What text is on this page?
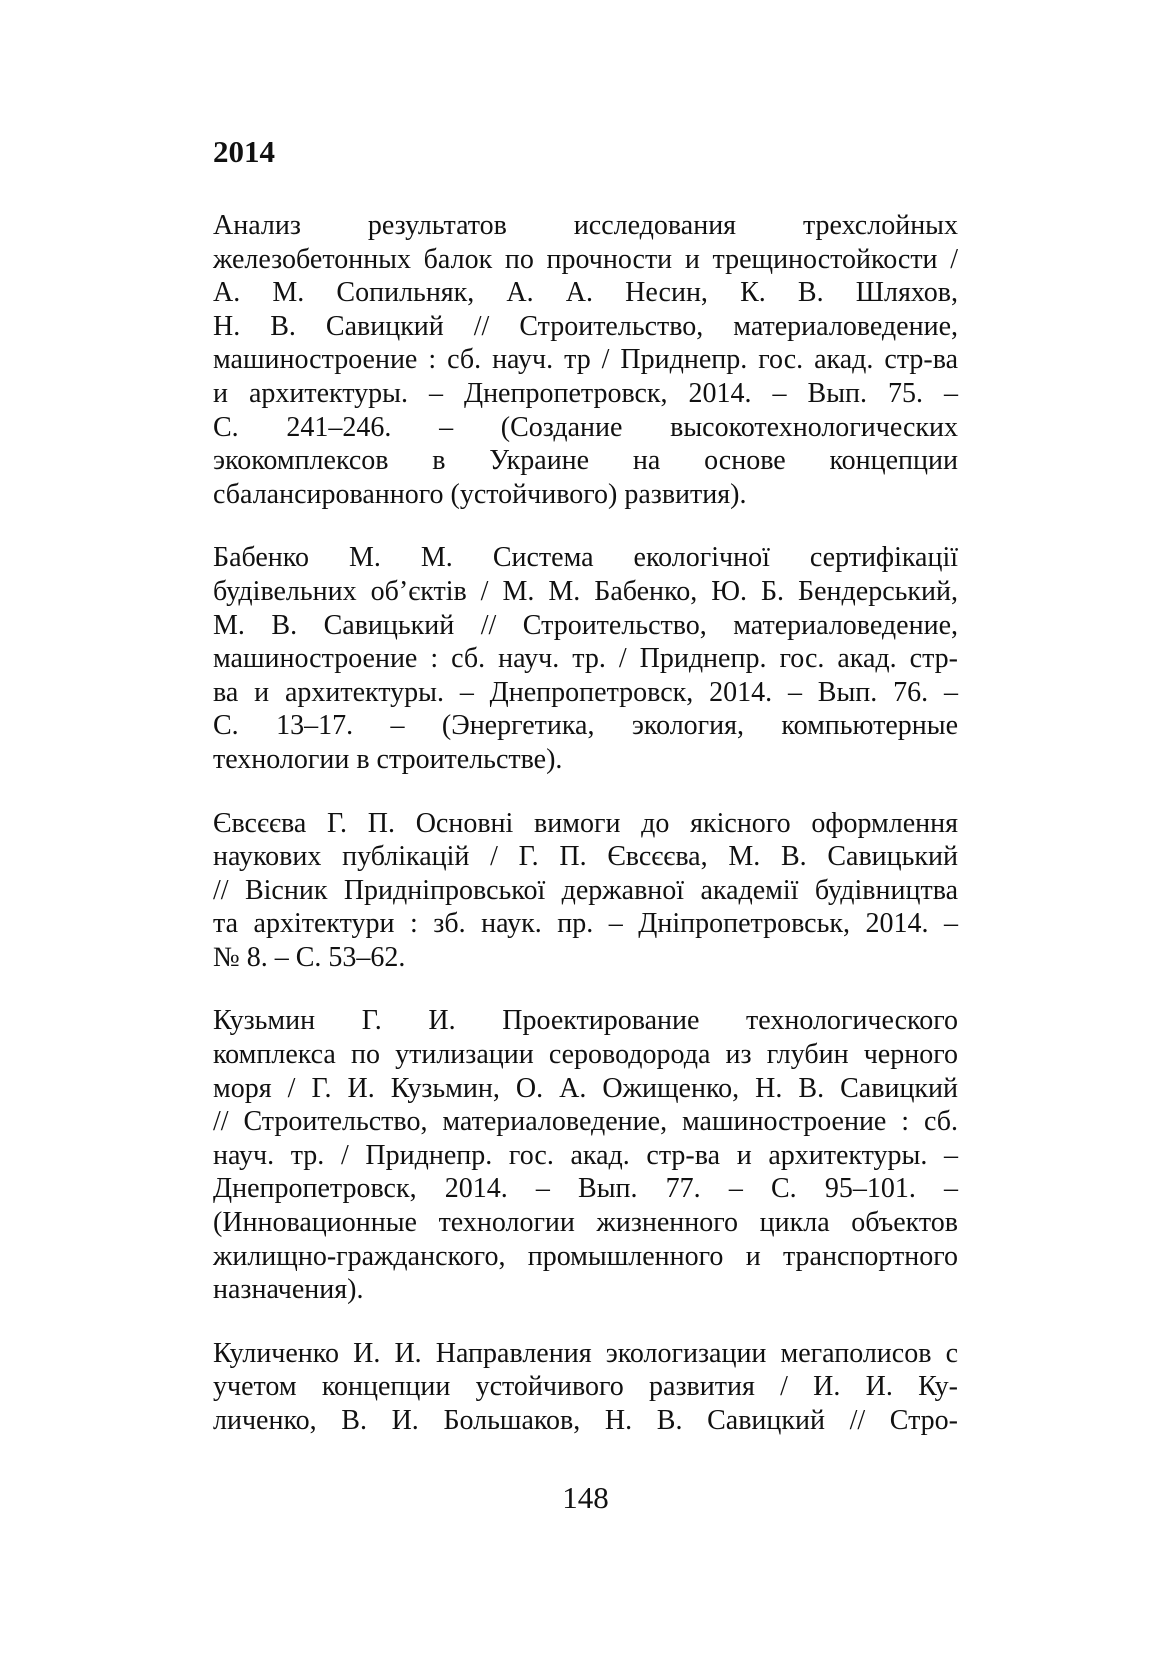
2014
Анализ результатов исследования трехслойных
железобетонных балок по прочности и трещиностойкости /
А. М. Сопильняк, А. А. Несин, К. В. Шляхов,
Н. В. Савицкий // Строительство, материаловедение,
машиностроение : сб. науч. тр / Приднепр. гос. акад. стр-ва
и архитектуры. – Днепропетровск, 2014. – Вып. 75. –
С. 241–246. – (Создание высокотехнологических
экокомплексов в Украине на основе концепции
сбалансированного (устойчивого) развития).
Бабенко М. М. Система екологічної сертифікації
будівельних об’єктів / М. М. Бабенко, Ю. Б. Бендерський,
М. В. Савицький // Строительство, материаловедение,
машиностроение : сб. науч. тр. / Приднепр. гос. акад. стр-
ва и архитектуры. – Днепропетровск, 2014. – Вып. 76. –
С. 13–17. – (Энергетика, экология, компьютерные
технологии в строительстве).
Євсєєва Г. П. Основні вимоги до якісного оформлення
наукових публікацій / Г. П. Євсєєва, М. В. Савицький
// Вісник Придніпровської державної академії будівництва
та архітектури : зб. наук. пр. – Дніпропетровськ, 2014. –
№ 8. – С. 53–62.
Кузьмин Г. И. Проектирование технологического
комплекса по утилизации сероводорода из глубин черного
моря / Г. И. Кузьмин, О. А. Ожищенко, Н. В. Савицкий
// Строительство, материаловедение, машиностроение : сб.
науч. тр. / Приднепр. гос. акад. стр-ва и архитектуры. –
Днепропетровск, 2014. – Вып. 77. – С. 95–101. –
(Инновационные технологии жизненного цикла объектов
жилищно-гражданского, промышленного и транспортного
назначения).
Куличенко И. И. Направления экологизации мегаполисов с
учетом концепции устойчивого развития / И. И. Ку-
личенко, В. И. Большаков, Н. В. Савицкий // Стро-
148
